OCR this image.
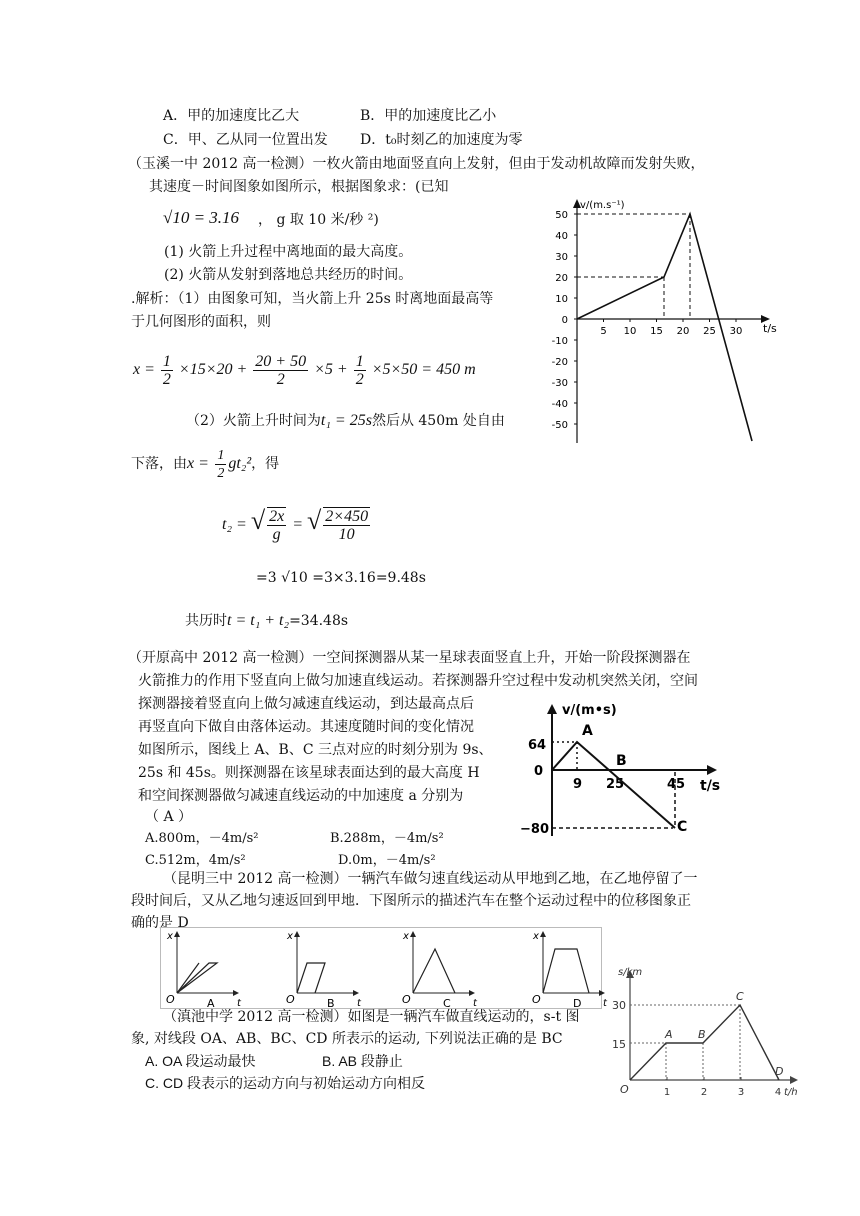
A．甲的加速度比乙大	B．甲的加速度比乙小
C．甲、乙从同一位置出发 D．t₀时刻乙的加速度为零
（玉溪一中 2012 高一检测）一枚火箭由地面竖直向上发射，但由于发动机故障而发射失败，
其速度－时间图象如图所示，根据图象求：(已知
√10 = 3.16 ， g 取 10 米/秒 ²)
(1) 火箭上升过程中离地面的最大高度。
(2) 火箭从发射到落地总共经历的时间。
.解析：（1）由图象可知，当火箭上升 25s 时离地面最高等
于几何图形的面积，则
$x = \frac{1}{2} \times 15\times 20 + \frac{20 + 50}{2} \times 5 + \frac{1}{2} \times 5\times 50 = 450$ m
（2）火箭上升时间为t₁ = 25s然后从 450m 处自由
下落，由$x = \frac{1}{2} gt_2^2$，得
t₂ = √ $\frac{2x}{g}$ = √ $\frac{2\times 450}{10}$
=3 √10 =3×3.16=9.48s
共历时t = t₁ + t₂=34.48s
50
40
30
20
10
0
-10
-20
-30
-40
-50
5 10 15 20 25 30
v/(m.s⁻¹)
t/s
（开原高中 2012 高一检测）一空间探测器从某一星球表面竖直上升，开始一阶段探测器在
火箭推力的作用下竖直向上做匀加速直线运动。若探测器升空过程中发动机突然关闭，空间
探测器接着竖直向上做匀减速直线运动，到达最高点后
再竖直向下做自由落体运动。其速度随时间的变化情况
如图所示，图线上 A、B、C 三点对应的时刻分别为 9s、
25s 和 45s。则探测器在该星球表面达到的最大高度 H
和空间探测器做匀减速直线运动的中加速度 a 分别为
（ A ）
A.800m，－4m/s²	B.288m，－4m/s²
C.512m，4m/s²	D.0m，－4m/s²
v/(m•s)
t/s
64
0
−80
9 25	45
A
B
C
（昆明三中 2012 高一检测）一辆汽车做匀速直线运动从甲地到乙地，在乙地停留了一
段时间后，又从乙地匀速返回到甲地．下图所示的描述汽车在整个运动过程中的位移图象正
确的是 D
x
t
O	A
x
t
O	B
x
t
O	C
x
t
O	D
（滇池中学 2012 高一检测）如图是一辆汽车做直线运动的，s-t 图
象, 对线段 OA、AB、BC、CD 所表示的运动, 下列说法正确的是 BC
A. OA 段运动最快	B. AB 段静止
C. CD 段表示的运动方向与初始运动方向相反
s/km
t/h
30
15
O	1	2	3	4
A B
C
D
